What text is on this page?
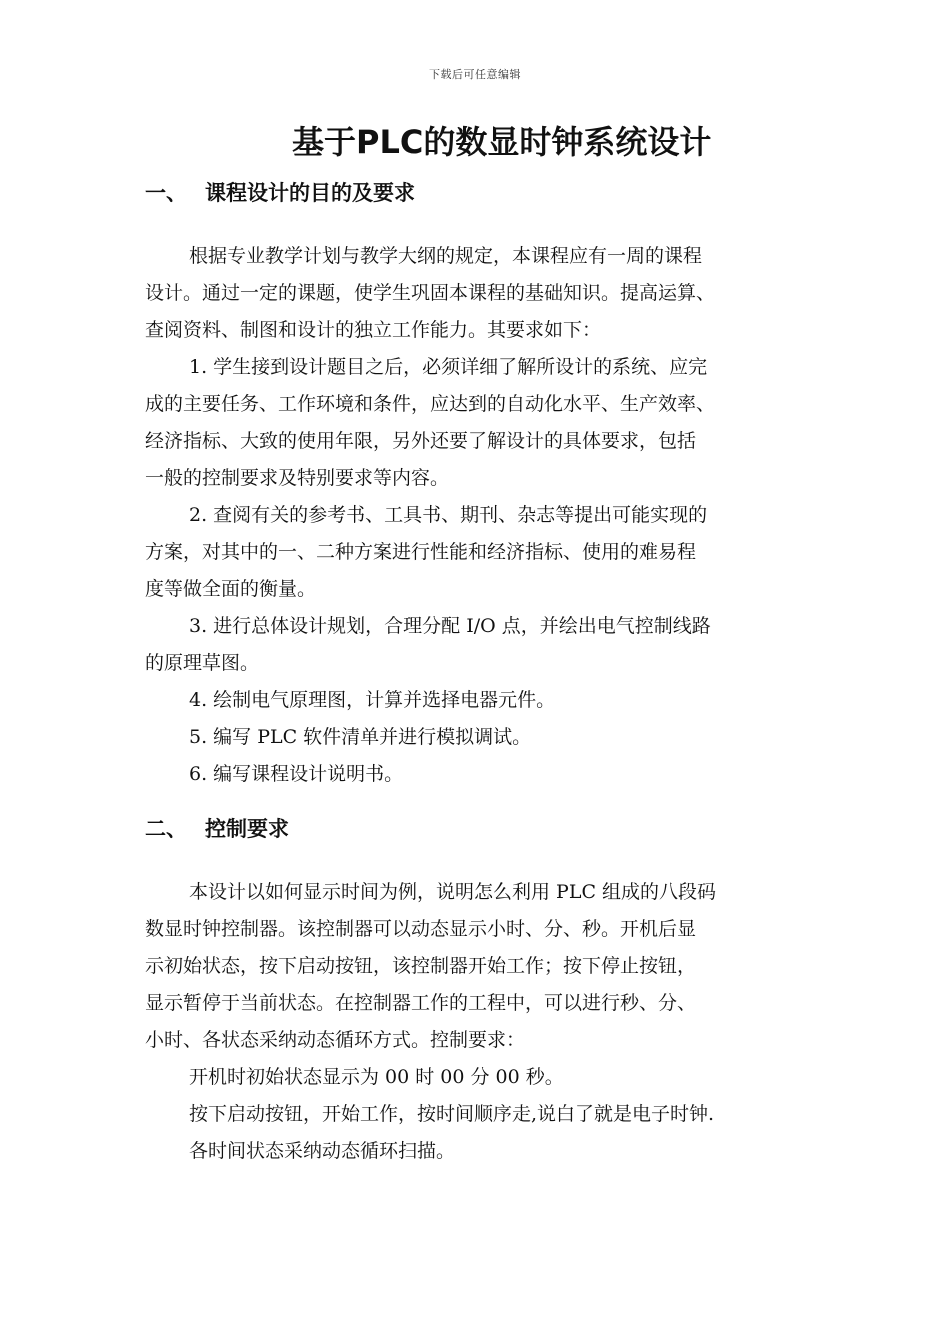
下载后可任意编辑
基于PLC的数显时钟系统设计
一、 课程设计的目的及要求
根据专业教学计划与教学大纲的规定，本课程应有一周的课程
设计。通过一定的课题，使学生巩固本课程的基础知识。提高运算、
查阅资料、制图和设计的独立工作能力。其要求如下：
1. 学生接到设计题目之后，必须详细了解所设计的系统、应完
成的主要任务、工作环境和条件，应达到的自动化水平、生产效率、
经济指标、大致的使用年限，另外还要了解设计的具体要求，包括
一般的控制要求及特别要求等内容。
2. 查阅有关的参考书、工具书、期刊、杂志等提出可能实现的
方案，对其中的一、二种方案进行性能和经济指标、使用的难易程
度等做全面的衡量。
3. 进行总体设计规划，合理分配 I/O 点，并绘出电气控制线路
的原理草图。
4. 绘制电气原理图，计算并选择电器元件。
5. 编写 PLC 软件清单并进行模拟调试。
6. 编写课程设计说明书。
二、 控制要求
本设计以如何显示时间为例，说明怎么利用 PLC 组成的八段码
数显时钟控制器。该控制器可以动态显示小时、分、秒。开机后显
示初始状态，按下启动按钮，该控制器开始工作；按下停止按钮，
显示暂停于当前状态。在控制器工作的工程中，可以进行秒、分、
小时、各状态采纳动态循环方式。控制要求：
开机时初始状态显示为 00 时 00 分 00 秒。
按下启动按钮，开始工作，按时间顺序走,说白了就是电子时钟.
各时间状态采纳动态循环扫描。
